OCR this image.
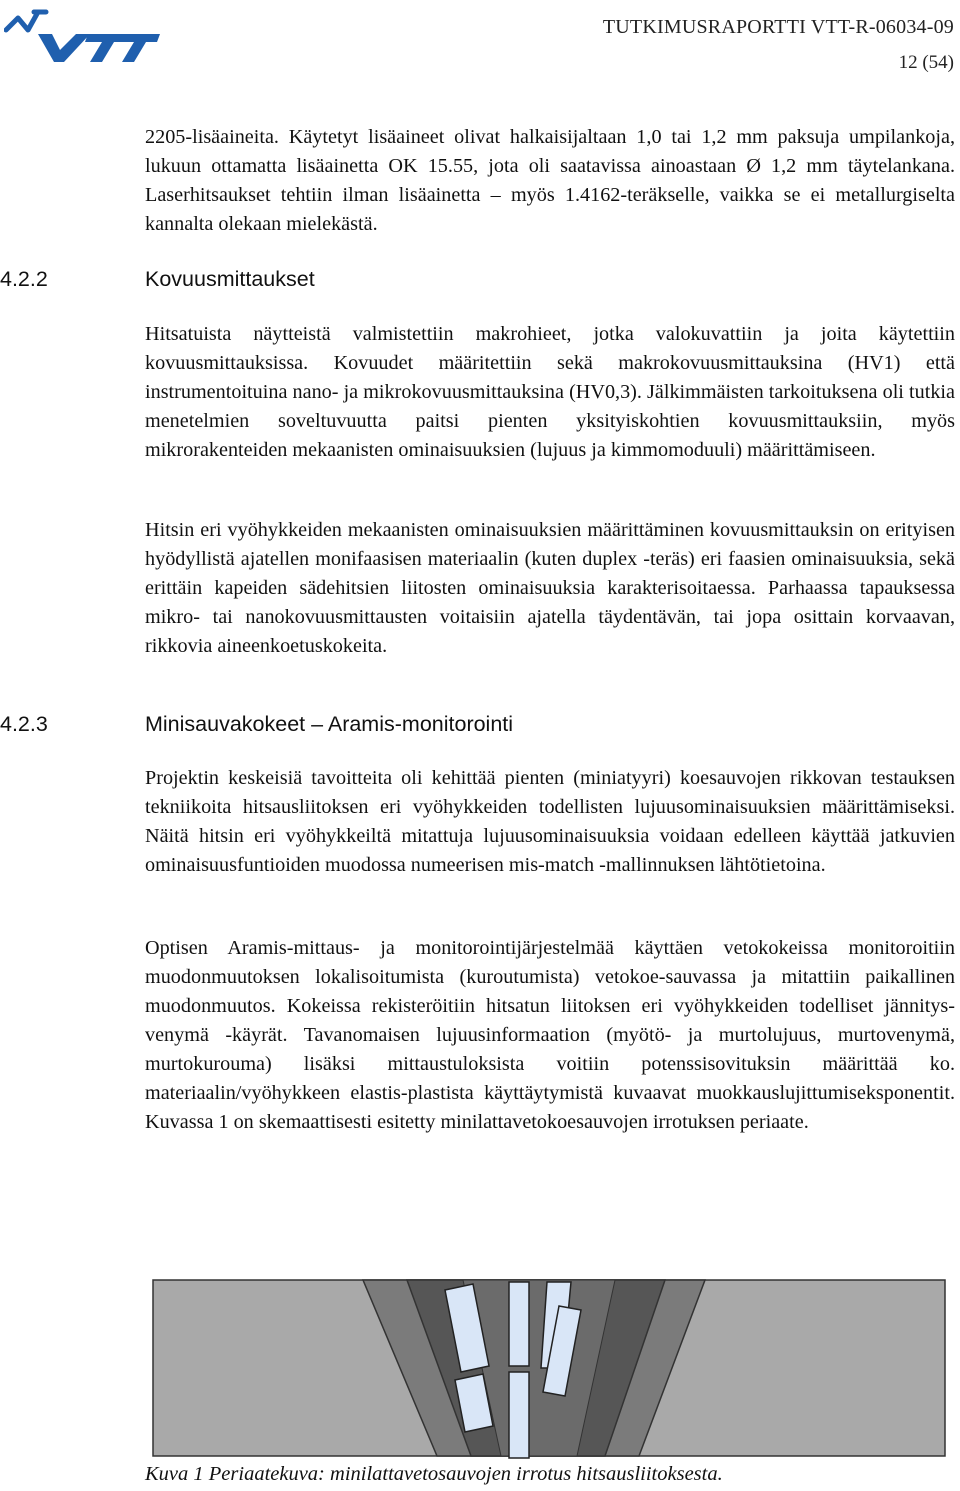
TUTKIMUSRAPORTTI VTT-R-06034-09
12 (54)

2205-lisäaineita. Käytetyt lisäaineet olivat halkaisijaltaan 1,0 tai 1,2 mm paksuja umpilankoja, lukuun ottamatta lisäainetta OK 15.55, jota oli saatavissa ainoastaan Ø 1,2 mm täytelankana. Laserhitsaukset tehtiin ilman lisäainetta – myös 1.4162-teräkselle, vaikka se ei metallurgiselta kannalta olekaan mielekästä.

4.2.2	Kovuusmittaukset

Hitsatuista näytteistä valmistettiin makrohieet, jotka valokuvattiin ja joita käytettiin kovuusmittauksissa. Kovuudet määritettiin sekä makrokovuusmittauksina (HV1) että instrumentoituina nano- ja mikrokovuusmittauksina (HV0,3). Jälkimmäisten tarkoituksena oli tutkia menetelmien soveltuvuutta paitsi pienten yksityiskohtien kovuusmittauksiin, myös mikrorakenteiden mekaanisten ominaisuuksien (lujuus ja kimmomoduuli) määrittämiseen.

Hitsin eri vyöhykkeiden mekaanisten ominaisuuksien määrittäminen kovuusmittauksin on erityisen hyödyllistä ajatellen monifaasisen materiaalin (kuten duplex -teräs) eri faasien ominaisuuksia, sekä erittäin kapeiden sädehitsien liitosten ominaisuuksia karakterisoitaessa. Parhaassa tapauksessa mikro- tai nanokovuusmittausten voitaisiin ajatella täydentävän, tai jopa osittain korvaavan, rikkovia aineenkoetuskokeita.

4.2.3	Minisauvakokeet – Aramis-monitorointi

Projektin keskeisiä tavoitteita oli kehittää pienten (miniatyyri) koesauvojen rikkovan testauksen tekniikoita hitsausliitoksen eri vyöhykkeiden todellisten lujuusominaisuuksien määrittämiseksi. Näitä hitsin eri vyöhykkeiltä mitattuja lujuusominaisuuksia voidaan edelleen käyttää jatkuvien ominaisuusfuntioiden muodossa numeerisen mis-match -mallinnuksen lähtötietoina.

Optisen Aramis-mittaus- ja monitorointijärjestelmää käyttäen vetokokeissa monitoroitiin muodonmuutoksen lokalisoitumista (kuroutumista) vetokoe-sauvassa ja mitattiin paikallinen muodonmuutos. Kokeissa rekisteröitiin hitsatun liitoksen eri vyöhykkeiden todelliset jännitys-venymä -käyrät. Tavanomaisen lujuusinformaation (myötö- ja murtolujuus, murtovenymä, murtokurouma) lisäksi mittaustuloksista voitiin potenssisovituksin määrittää ko. materiaalin/vyöhykkeen elastis-plastista käyttäytymistä kuvaavat muokkauslujittumiseksponentit. Kuvassa 1 on skemaattisesti esitetty minilattavetokoesauvojen irrotuksen periaate.

Kuva 1 Periaatekuva: minilattavetosauvojen irrotus hitsausliitoksesta.
